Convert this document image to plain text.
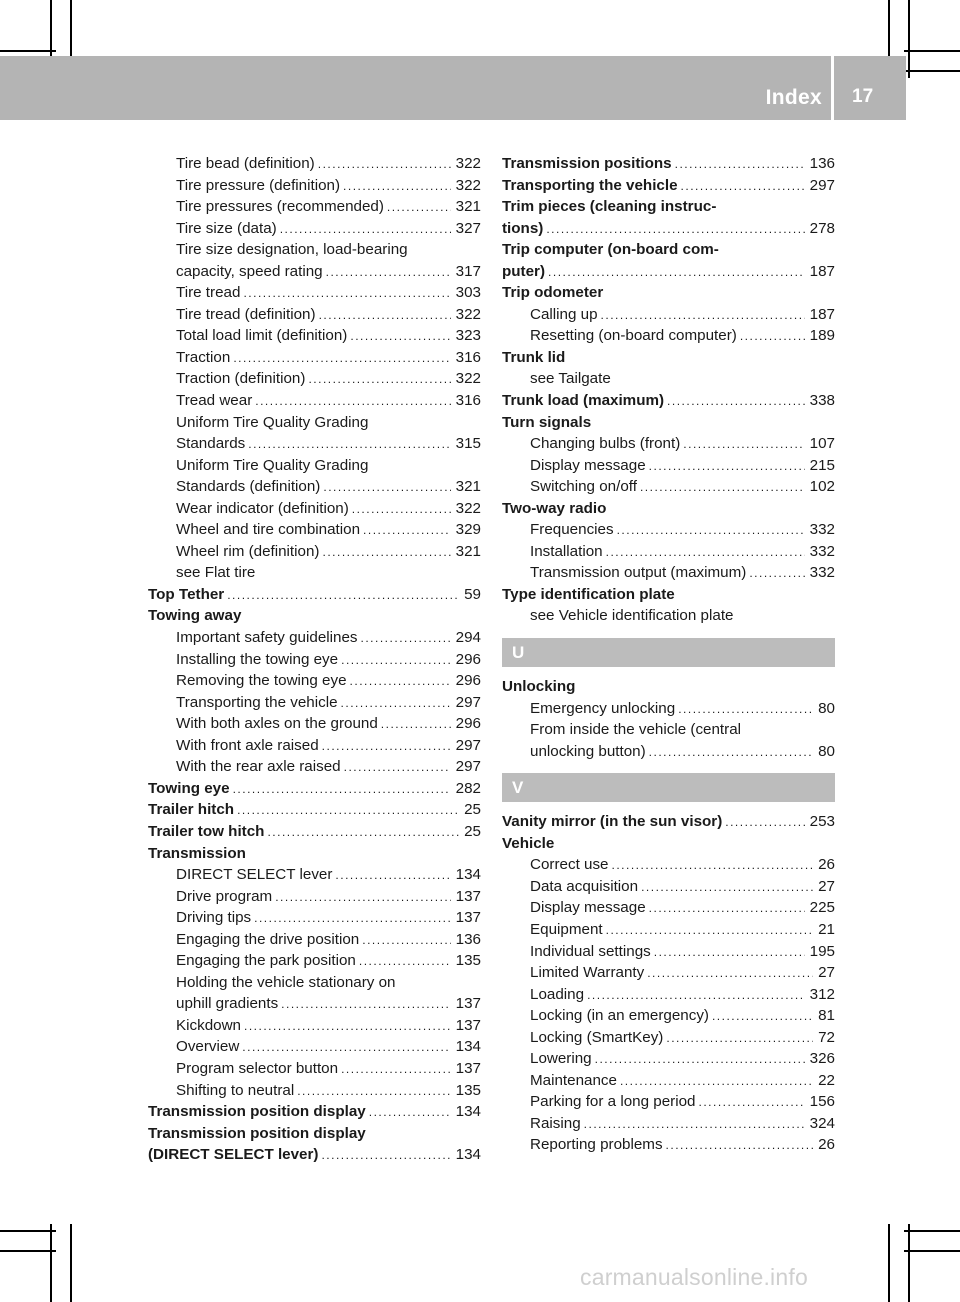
Index 17
Tire bead (definition) .....	322
Tire pressure (definition) .....	322
Tire pressures (recommended) .....	321
Tire size (data) .....	327
Tire size designation, load-bearing
capacity, speed rating .....	317
Tire tread .....	303
Tire tread (definition) .....	322
Total load limit (definition) .....	323
Traction .....	316
Traction (definition) .....	322
Tread wear .....	316
Uniform Tire Quality Grading
Standards .....	315
Uniform Tire Quality Grading
Standards (definition) .....	321
Wear indicator (definition) .....	322
Wheel and tire combination .....	329
Wheel rim (definition) .....	321
see Flat tire
Top Tether .....	59
Towing away
Important safety guidelines .....	294
Installing the towing eye .....	296
Removing the towing eye .....	296
Transporting the vehicle .....	297
With both axles on the ground .....	296
With front axle raised .....	297
With the rear axle raised .....	297
Towing eye .....	282
Trailer hitch .....	25
Trailer tow hitch .....	25
Transmission
DIRECT SELECT lever .....	134
Drive program .....	137
Driving tips .....	137
Engaging the drive position .....	136
Engaging the park position .....	135
Holding the vehicle stationary on
uphill gradients .....	137
Kickdown .....	137
Overview .....	134
Program selector button .....	137
Shifting to neutral .....	135
Transmission position display .....	134
Transmission position display
(DIRECT SELECT lever) .....	134
Transmission positions .....	136
Transporting the vehicle .....	297
Trim pieces (cleaning instruc-
tions) .....	278
Trip computer (on-board com-
puter) .....	187
Trip odometer
Calling up .....	187
Resetting (on-board computer) .....	189
Trunk lid
see Tailgate
Trunk load (maximum) .....	338
Turn signals
Changing bulbs (front) .....	107
Display message .....	215
Switching on/off .....	102
Two-way radio
Frequencies .....	332
Installation .....	332
Transmission output (maximum) .....	332
Type identification plate
see Vehicle identification plate
U
Unlocking
Emergency unlocking .....	80
From inside the vehicle (central
unlocking button) .....	80
V
Vanity mirror (in the sun visor) .....	253
Vehicle
Correct use .....	26
Data acquisition .....	27
Display message .....	225
Equipment .....	21
Individual settings .....	195
Limited Warranty .....	27
Loading .....	312
Locking (in an emergency) .....	81
Locking (SmartKey) .....	72
Lowering .....	326
Maintenance .....	22
Parking for a long period .....	156
Raising .....	324
Reporting problems .....	26
carmanualsonline.info
